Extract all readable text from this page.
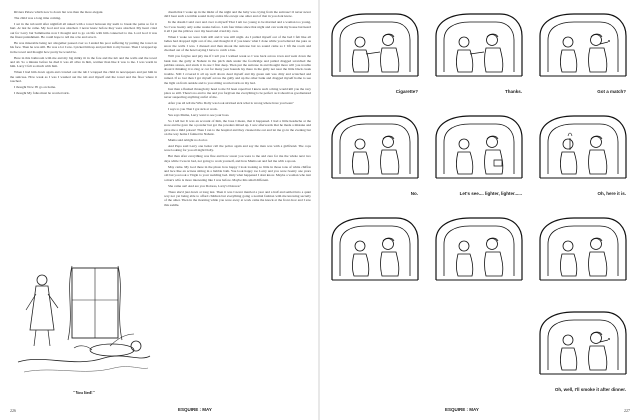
Riviera Palace which now is down but was then the more elegant.

The child was a long time coming.

I sat in the tub until after nightfall all naked with a towel between my teeth to break the pains so far it hurt. At last he came. My God and was attached. I never knew before they were attached. My heart cried out for Larry but Sammsome now I thought and to go on life with him connected to me. Lord God it was the finest punishment. He could hope to tell me a lie and save it.

He was miserable being not altogether passed over so I ended his poor suffering by putting the towel on his face. Then he was still. He was a lot I saw. I picked him up and put him to my breast. Then I wrapped up in the towel and thought how pretty he would be.

Here in this bathroom with me and my big milky tit in the fore and the tub and the walls and the towel and all. So a minute before he died it was all alive in him, warmer than like it was to me. I was warm in him. Larry I felt so much with him.

When I had him down again and crawled out the tub I wrapped the child in newspapers and put him in the suitcase. How weak as I was I washed out the tub and myself and the towel and the floor where it touched.

I thought Now I'll go on home.

I thought My folks must be worried sick.

"You lied!"

dream that I woke up in the midst of the night and the baby was crying from the suitcase! O never never did I hear such a terrible sound in my entire life except one other and of that in you dont know.

In the dream I said over and over to myself That I am too young to be married and a woman too young. So I was twenty only some weeks before. I am four times since that night and can walk my house but heard it all I put the pillows over my head and cried my own.

When I woke we were both still and it was still night. As I pulled myself out of the bed I felt like all ladies had dropped right out of me, and thought O if you knew what I done while you believed me pure as snow the walls I was. I dressed and then shook the suitcase but no sound came so I lift the room and checked out of the hotel saying I have to catch a bus.

Will you forgive and pity me if I tell you I walked weak so I was back across town and went down the bank into the gully at Nahant in the pitch dark under the footbridge and pulled dragged scratched the pebbles stones, and stuck it in one I first deep. Then put the suitcase in and thought more will you trouble about it thinking it to ring or cut for many year hounds lay there in the gully not near the little black creek trouble. Still I covered it all up well above dead myself and my green suit was dirty and scratched and ruined. If so lost then I got myself across the gully and up the other bank and dragged myself home to see the light on from outside and to you sitting worried sick on my bed.

Just then a flushed through my head to me I'd been raped but I knew such a thing would kill you the very place so still. There's no end to me and you forgiven me everything is be perfect as it should as goodnatured never suspecting anything awful of me.

After you all tell me Who Dolly was look stricked sick what is wrong where have you been?

I says to you That I got sick at work.

Yes says Mama, Larry went to see your boss.

So I tell her It was an account of him, the boss I mean, that it happened. I had a little headache at the store and he gave me a powder but got the powders mixed up. I saw afterwards that he made a mistake and gave me a mild poison! Then I ran to the hospital and they cleaned me out and let me go in the evening but on the way home I fainted in Nahant.

Mama said Alright no doctor.

And Papa said Larry one better call the police again and say the man was with a girlfriend. The cops were looking for you all night Dolly.

But then after everything was fine and how sweet you were to me and cure for me the whole next two days while I was in bed, not going to work yourself, and how Mama sat and fed me with a spoon.

May came. My God there in the photo how happy I look looking so little in those tons of white chiffon and lace like an actress sitting in a bubble bath. You look happy too Larry and you were twenty one years old but you took a Virgin to your wedding bed. Only what happened I dont know. Maybe a woman who isnt a man's wife is more interesting like I was before. Maybe this small different.

She came out! And are you Dolores, Larry's Dolores?

There she'd just down at long last. Then it was I never married a year and a half and settled into a quiet way not yet being able to afford children but everything going a normal fashion with me knowing secretly of the other. Then in the morning while you were away at work came the knock at the front door and I saw this saddle.

226	ESQUIRE : MAY
Cigarette?	Thanks.	Got a match?
No.	Let's see.... lighter, lighter......	Oh, here it is.
Oh, well, I'll smoke it after dinner.
227
ESQUIRE : MAY
